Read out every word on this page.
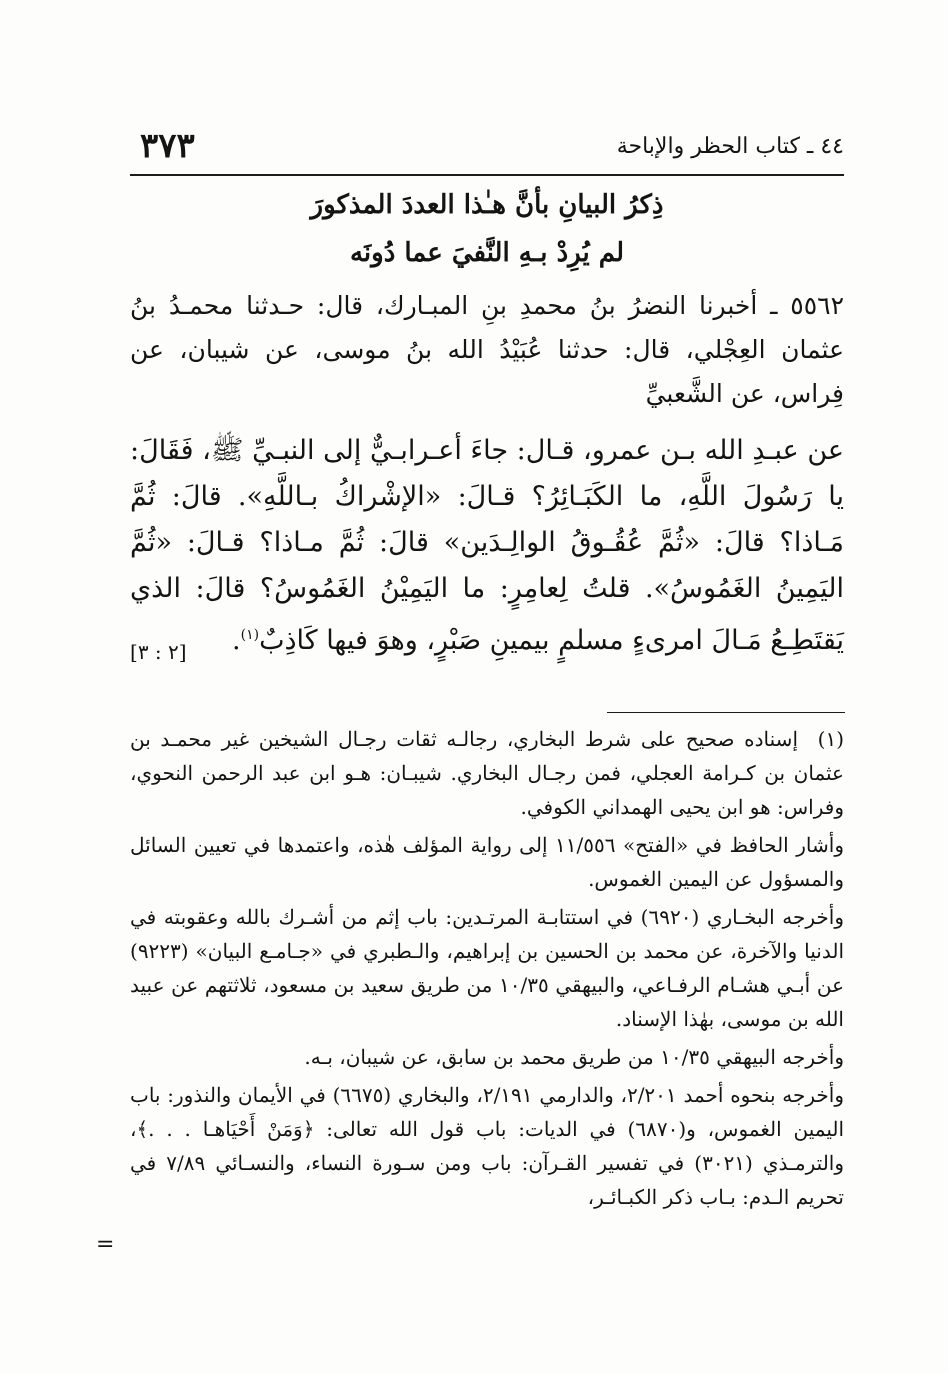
٣٧٣	٤٤ ـ كتاب الحظر والإباحة
ذِكرُ البيانِ بأنَّ هـٰذا العددَ المذكورَ
لم يُرِدْ بـهِ النَّفيَ عما دُونَه
٥٥٦٢ ـ أخبرنا النضرُ بنُ محمدِ بنِ المبـارك، قال: حـدثنا محمـدُ بنُ عثمان العِجْلي، قال: حدثنا عُبَيْدُ الله بنُ موسى، عن شيبان، عن فِراس، عن الشَّعبيِّ
عن عبـدِ الله بـن عمرو، قـال: جاءَ أعـرابـيٌّ إلى النبـيِّ ﷺ، فَقَالَ: يا رَسُولَ اللَّهِ، ما الكَبَـائِرُ؟ قـالَ: «الإشْراكُ بـاللَّهِ». قالَ: ثُمَّ مَـاذا؟ قالَ: «ثُمَّ عُقُـوقُ الوالِـدَين» قالَ: ثُمَّ مـاذا؟ قـالَ: «ثُمَّ اليَمِينُ الغَمُوسُ». قلتُ لِعامِرٍ: ما اليَمِيْنُ الغَمُوسُ؟ قالَ: الذي يَقتَطِـعُ مَـالَ امرىءٍ مسلمٍ بيمينِ صَبْرٍ، وهوَ فيها كَاذِبٌ$^{(١)}$.
[٢ : ٣]

(١)إسناده صحيح على شرط البخاري، رجالـه ثقات رجـال الشيخين غير محمـد بن عثمان بن كـرامة العجلي، فمن رجـال البخاري. شيبـان: هـو ابن عبد الرحمن النحوي، وفراس: هو ابن يحيى الهمداني الكوفي.

وأشار الحافظ في «الفتح» ١١/٥٥٦ إلى رواية المؤلف هٰذه، واعتمدها في تعيين السائل والمسؤول عن اليمين الغموس.

وأخرجه البخـاري (٦٩٢٠) في استتابـة المرتـدين: باب إثم من أشـرك بالله وعقوبته في الدنيا والآخرة، عن محمد بن الحسين بن إبراهيم، والـطبري في «جـامـع البيان» (٩٢٢٣) عن أبـي هشـام الرفـاعي، والبيهقي ١٠/٣٥ من طريق سعيد بن مسعود، ثلاثتهم عن عبيد الله بن موسى، بهٰذا الإسناد.

وأخرجه البيهقي ١٠/٣٥ من طريق محمد بن سابق، عن شيبان، بـه.

وأخرجه بنحوه أحمد ٢/٢٠١، والدارمي ٢/١٩١، والبخاري (٦٦٧٥) في الأيمان والنذور: باب اليمين الغموس، و(٦٨٧٠) في الديات: باب قول الله تعالى: ﴿وَمَنْ أَحْيَاهـا . . .﴾، والترمـذي (٣٠٢١) في تفسير القـرآن: باب ومن سـورة النساء، والنسـائي ٧/٨٩ في تحريم الـدم: بـاب ذكر الكبـائـر،

=
